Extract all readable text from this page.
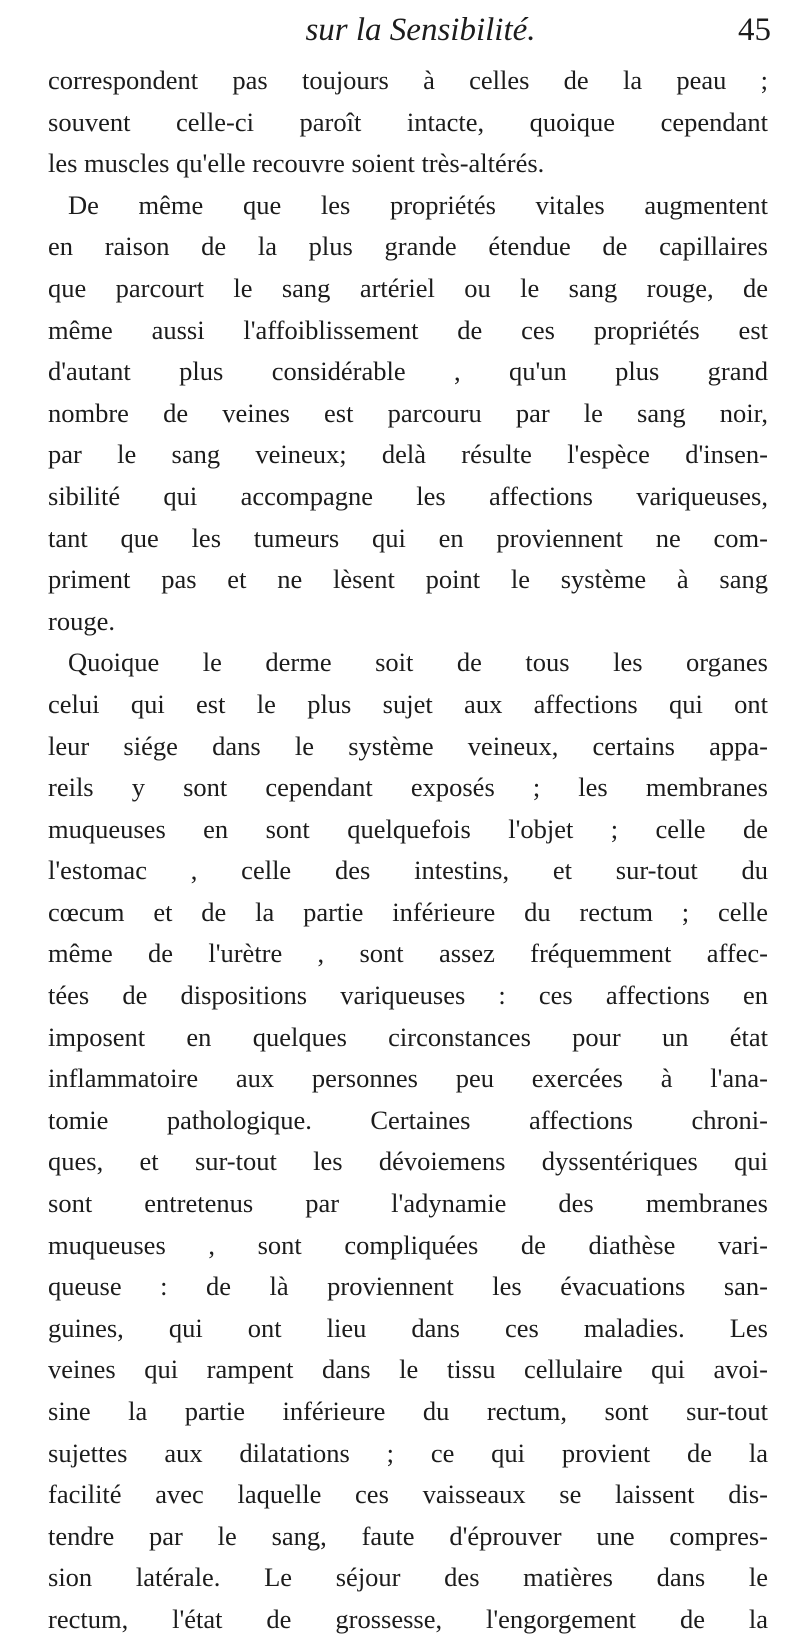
sur la Sensibilité.	45
correspondent pas toujours à celles de la peau ;
souvent celle-ci paroît intacte, quoique cependant
les muscles qu'elle recouvre soient très-altérés.
De même que les propriétés vitales augmentent
en raison de la plus grande étendue de capillaires
que parcourt le sang artériel ou le sang rouge, de
même aussi l'affoiblissement de ces propriétés est
d'autant plus considérable , qu'un plus grand
nombre de veines est parcouru par le sang noir,
par le sang veineux; delà résulte l'espèce d'insen-
sibilité qui accompagne les affections variqueuses,
tant que les tumeurs qui en proviennent ne com-
priment pas et ne lèsent point le système à sang
rouge.
Quoique le derme soit de tous les organes
celui qui est le plus sujet aux affections qui ont
leur siége dans le système veineux, certains appa-
reils y sont cependant exposés ; les membranes
muqueuses en sont quelquefois l'objet ; celle de
l'estomac , celle des intestins, et sur-tout du
cœcum et de la partie inférieure du rectum ; celle
même de l'urètre , sont assez fréquemment affec-
tées de dispositions variqueuses : ces affections en
imposent en quelques circonstances pour un état
inflammatoire aux personnes peu exercées à l'ana-
tomie pathologique. Certaines affections chroni-
ques, et sur-tout les dévoiemens dyssentériques qui
sont entretenus par l'adynamie des membranes
muqueuses , sont compliquées de diathèse vari-
queuse : de là proviennent les évacuations san-
guines, qui ont lieu dans ces maladies. Les
veines qui rampent dans le tissu cellulaire qui avoi-
sine la partie inférieure du rectum, sont sur-tout
sujettes aux dilatations ; ce qui provient de la
facilité avec laquelle ces vaisseaux se laissent dis-
tendre par le sang, faute d'éprouver une compres-
sion latérale. Le séjour des matières dans le
rectum, l'état de grossesse, l'engorgement de la
